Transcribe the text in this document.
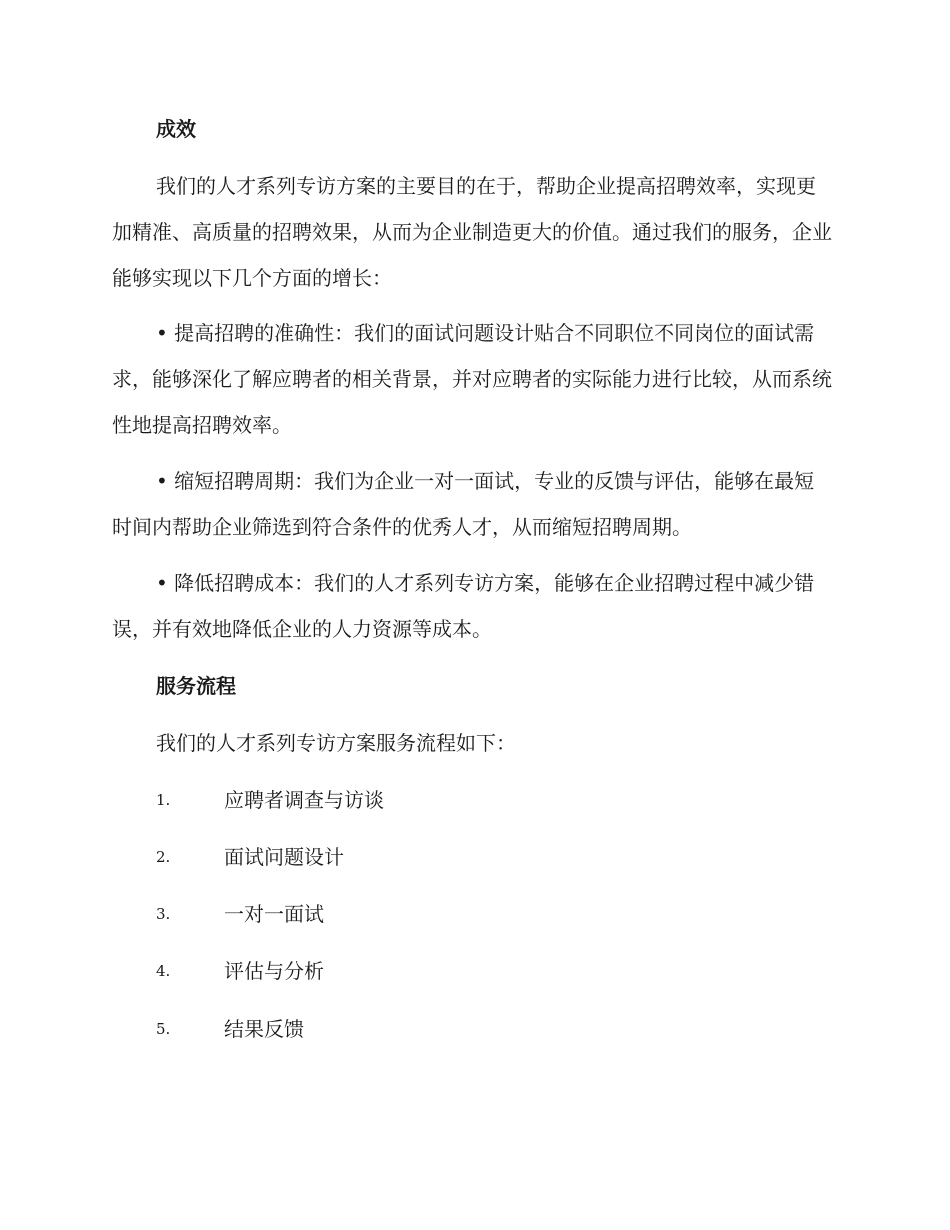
成效

我们的人才系列专访方案的主要目的在于，帮助企业提高招聘效率，实现更加精准、高质量的招聘效果，从而为企业制造更大的价值。通过我们的服务，企业能够实现以下几个方面的增长：

• 提高招聘的准确性：我们的面试问题设计贴合不同职位不同岗位的面试需求，能够深化了解应聘者的相关背景，并对应聘者的实际能力进行比较，从而系统性地提高招聘效率。

• 缩短招聘周期：我们为企业一对一面试，专业的反馈与评估，能够在最短时间内帮助企业筛选到符合条件的优秀人才，从而缩短招聘周期。

• 降低招聘成本：我们的人才系列专访方案，能够在企业招聘过程中减少错误，并有效地降低企业的人力资源等成本。

服务流程
我们的人才系列专访方案服务流程如下：
1.	应聘者调查与访谈
2.	面试问题设计
3.	一对一面试
4.	评估与分析
5.	结果反馈
